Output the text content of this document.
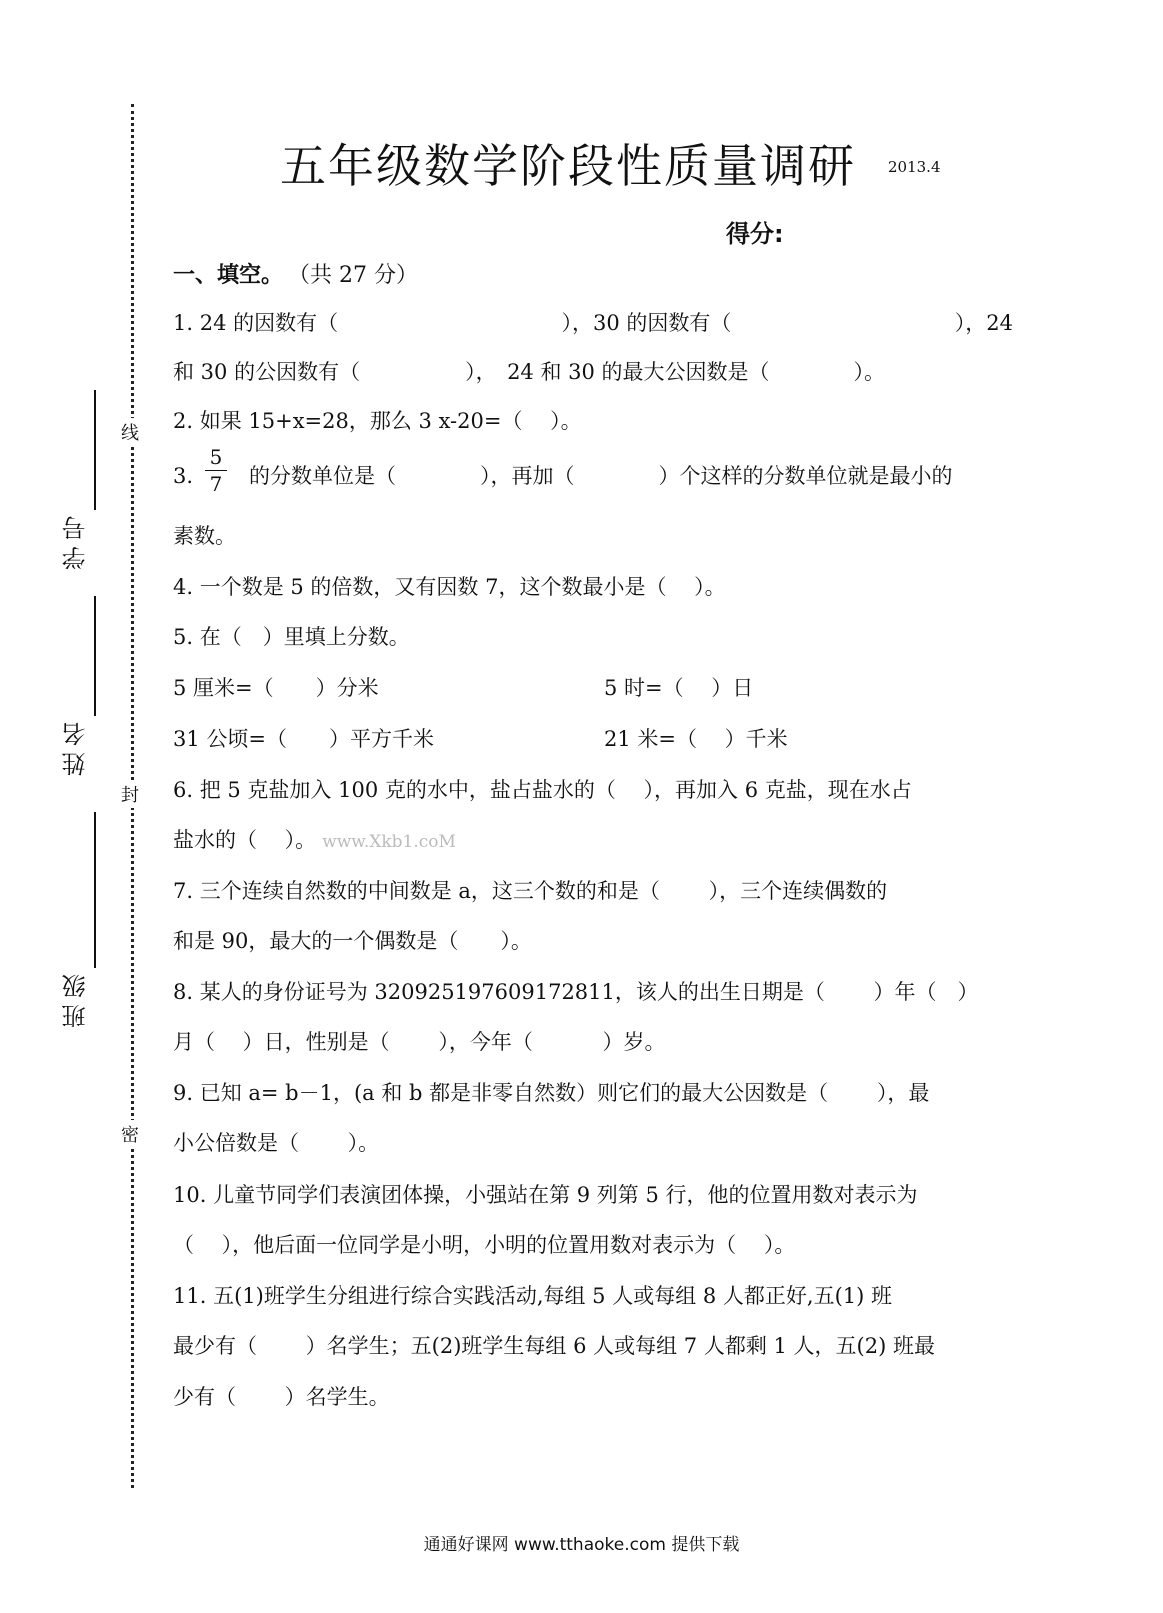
线
封
密
学号
姓名
班级
五年级数学阶段性质量调研 2013.4
得分:
一、填空。 （共 27 分）
1. 24 的因数有（	），30 的因数有（	），24
和 30 的公因数有（　　　　　），　24 和 30 的最大公因数是（　　　　）。
2. 如果 15+x=28，那么 3 x-20=（　 ）。
3.	的分数单位是（　　　　），再加（　　　　）个这样的分数单位就是最小的
$\frac{5}{7}$
素数。
4. 一个数是 5 的倍数，又有因数 7，这个数最小是（　 ）。
5. 在（　）里填上分数。
5 厘米=（　　）分米	5 时=（　 ）日
31 公顷=（　　）平方千米	21 米=（　 ）千米
6. 把 5 克盐加入 100 克的水中，盐占盐水的（　 ），再加入 6 克盐，现在水占
盐水的（　 ）。 www.Xkb1.coM
7. 三个连续自然数的中间数是 a，这三个数的和是（　　 ），三个连续偶数的
和是 90，最大的一个偶数是（　　）。
8. 某人的身份证号为 320925197609172811，该人的出生日期是（　　 ）年（　）
月（　 ）日，性别是（　　 ），今年（　　　 ）岁。
9. 已知 a= b－1，(a 和 b 都是非零自然数）则它们的最大公因数是（　　 ），最
小公倍数是（　　 ）。
10. 儿童节同学们表演团体操，小强站在第 9 列第 5 行，他的位置用数对表示为
（　 ），他后面一位同学是小明，小明的位置用数对表示为（　 ）。
11. 五(1)班学生分组进行综合实践活动,每组 5 人或每组 8 人都正好,五(1) 班
最少有（　　 ）名学生；五(2)班学生每组 6 人或每组 7 人都剩 1 人，五(2) 班最
少有（　　 ）名学生。
通通好课网 www.tthaoke.com 提供下载
